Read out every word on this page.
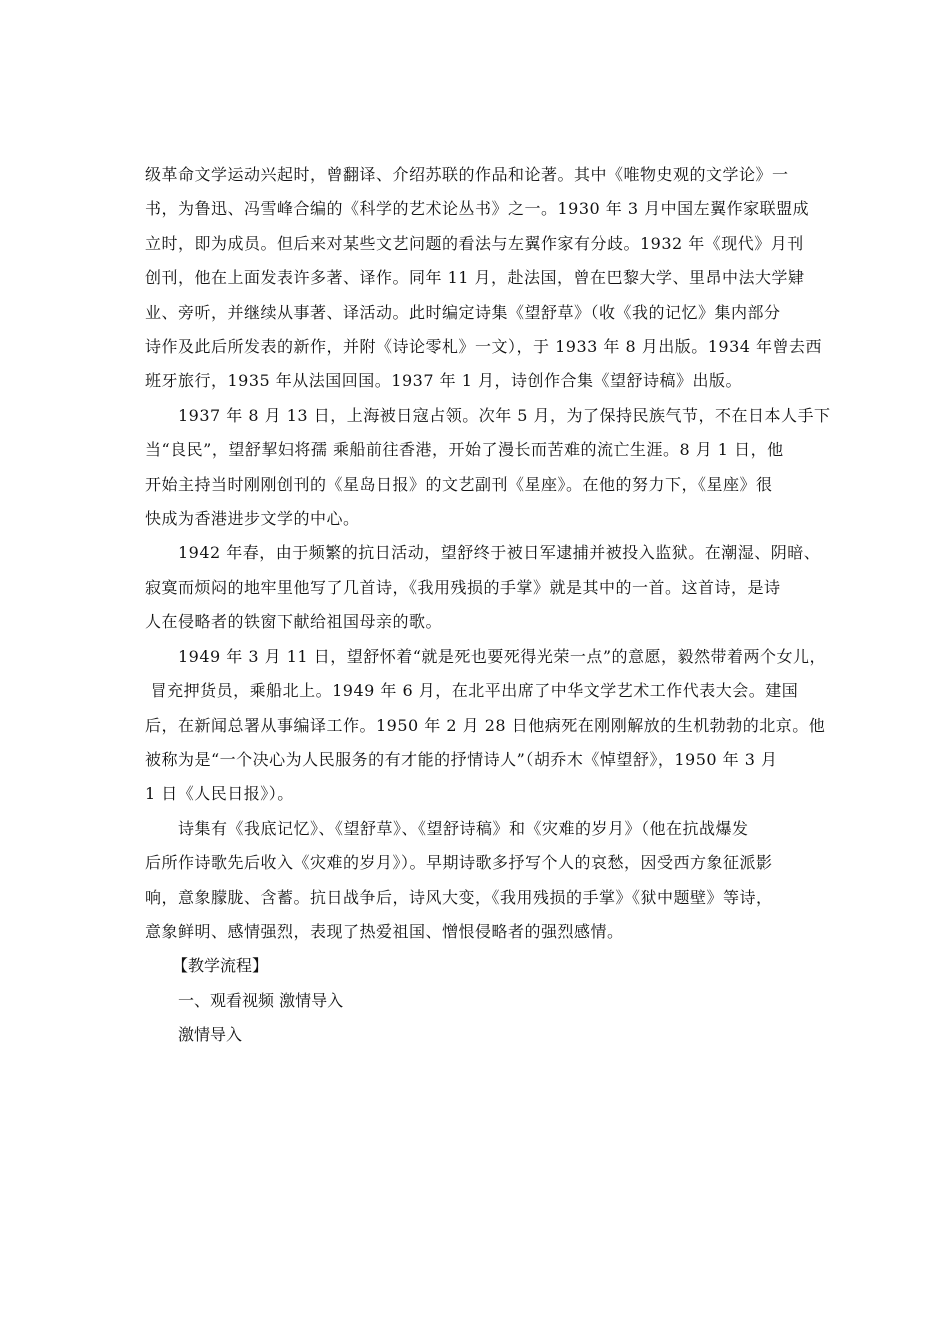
级革命文学运动兴起时，曾翻译、介绍苏联的作品和论著。其中《唯物史观的文学论》一
书，为鲁迅、冯雪峰合编的《科学的艺术论丛书》之一。1930 年 3 月中国左翼作家联盟成
立时，即为成员。但后来对某些文艺问题的看法与左翼作家有分歧。1932 年《现代》月刊
创刊，他在上面发表许多著、译作。同年 11 月，赴法国，曾在巴黎大学、里昂中法大学肄
业、旁听，并继续从事著、译活动。此时编定诗集《望舒草》（收《我的记忆》集内部分
诗作及此后所发表的新作，并附《诗论零札》一文），于 1933 年 8 月出版。1934 年曾去西
班牙旅行，1935 年从法国回国。1937 年 1 月，诗创作合集《望舒诗稿》出版。

1937 年 8 月 13 日，上海被日寇占领。次年 5 月，为了保持民族气节，不在日本人手下
当“良民”，望舒挈妇将孺 乘船前往香港，开始了漫长而苦难的流亡生涯。8 月 1 日，他
开始主持当时刚刚创刊的《星岛日报》的文艺副刊《星座》。在他的努力下，《星座》很
快成为香港进步文学的中心。

1942 年春，由于频繁的抗日活动，望舒终于被日军逮捕并被投入监狱。在潮湿、阴暗、
寂寞而烦闷的地牢里他写了几首诗，《我用残损的手掌》就是其中的一首。这首诗，是诗
人在侵略者的铁窗下献给祖国母亲的歌。

1949 年 3 月 11 日，望舒怀着“就是死也要死得光荣一点”的意愿，毅然带着两个女儿，
冒充押货员，乘船北上。1949 年 6 月，在北平出席了中华文学艺术工作代表大会。建国
后，在新闻总署从事编译工作。1950 年 2 月 28 日他病死在刚刚解放的生机勃勃的北京。他
被称为是“一个决心为人民服务的有才能的抒情诗人”（胡乔木《悼望舒》，1950 年 3 月
1 日《人民日报》）。

诗集有《我底记忆》、《望舒草》、《望舒诗稿》和《灾难的岁月》（他在抗战爆发
后所作诗歌先后收入《灾难的岁月》）。早期诗歌多抒写个人的哀愁，因受西方象征派影
响，意象朦胧、含蓄。抗日战争后，诗风大变，《我用残损的手掌》《狱中题壁》等诗，
意象鲜明、感情强烈，表现了热爱祖国、憎恨侵略者的强烈感情。

【教学流程】

一、观看视频 激情导入

激情导入
